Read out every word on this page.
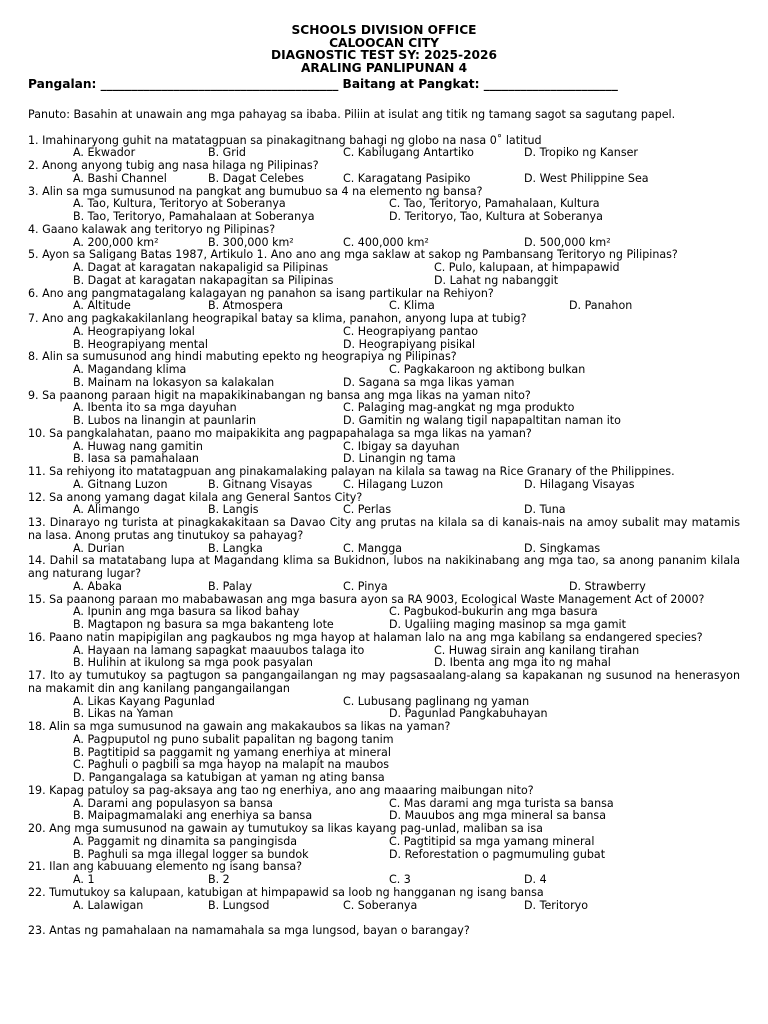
SCHOOLS DIVISION OFFICE
CALOOCAN CITY
DIAGNOSTIC TEST SY: 2025-2026
ARALING PANLIPUNAN 4
Pangalan: _______________________________________ Baitang at Pangkat: ______________________

Panuto: Basahin at unawain ang mga pahayag sa ibaba. Piliin at isulat ang titik ng tamang sagot sa sagutang papel.

1. Imahinaryong guhit na matatagpuan sa pinakagitnang bahagi ng globo na nasa 0˚ latitud

A. Ekwador	B. Grid	C. Kabilugang Antartiko	D. Tropiko ng Kanser

2. Anong anyong tubig ang nasa hilaga ng Pilipinas?

A. Bashi Channel	B. Dagat Celebes	C. Karagatang Pasipiko	D. West Philippine Sea

3. Alin sa mga sumusunod na pangkat ang bumubuo sa 4 na elemento ng bansa?

A. Tao, Kultura, Teritoryo at Soberanya	C. Tao, Teritoryo, Pamahalaan, Kultura
B. Tao, Teritoryo, Pamahalaan at Soberanya	D. Teritoryo, Tao, Kultura at Soberanya

4. Gaano kalawak ang teritoryo ng Pilipinas?

A. 200,000 km²	B. 300,000 km²	C. 400,000 km²	D. 500,000 km²

5. Ayon sa Saligang Batas 1987, Artikulo 1. Ano ano ang mga saklaw at sakop ng Pambansang Teritoryo ng Pilipinas?

A. Dagat at karagatan nakapaligid sa Pilipinas	C. Pulo, kalupaan, at himpapawid
B. Dagat at karagatan nakapagitan sa Pilipinas	D. Lahat ng nabanggit

6. Ano ang pangmatagalang kalagayan ng panahon sa isang partikular na Rehiyon?

A. Altitude	B. Atmospera	C. Klima	D. Panahon

7. Ano ang pagkakakilanlang heograpikal batay sa klima, panahon, anyong lupa at tubig?

A. Heograpiyang lokal	C. Heograpiyang pantao
B. Heograpiyang mental	D. Heograpiyang pisikal

8. Alin sa sumusunod ang hindi mabuting epekto ng heograpiya ng Pilipinas?

A. Magandang klima	C. Pagkakaroon ng aktibong bulkan
B. Mainam na lokasyon sa kalakalan	D. Sagana sa mga likas yaman

9. Sa paanong paraan higit na mapakikinabangan ng bansa ang mga likas na yaman nito?

A. Ibenta ito sa mga dayuhan	C. Palaging mag-angkat ng mga produkto
B. Lubos na linangin at paunlarin	D. Gamitin ng walang tigil napapaltitan naman ito

10. Sa pangkalahatan, paano mo maipakikita ang pagpapahalaga sa mga likas na yaman?

A. Huwag nang gamitin	C. Ibigay sa dayuhan
B. Iasa sa pamahalaan	D. Linangin ng tama

11. Sa rehiyong ito matatagpuan ang pinakamalaking palayan na kilala sa tawag na Rice Granary of the Philippines.

A. Gitnang Luzon	B. Gitnang Visayas	C. Hilagang Luzon	D. Hilagang Visayas

12. Sa anong yamang dagat kilala ang General Santos City?

A. Alimango	B. Langis	C. Perlas	D. Tuna

13. Dinarayo ng turista at pinagkakakitaan sa Davao City ang prutas na kilala sa di kanais-nais na amoy subalit may matamis na lasa. Anong prutas ang tinutukoy sa pahayag?

A. Durian	B. Langka	C. Mangga	D. Singkamas

14. Dahil sa matatabang lupa at Magandang klima sa Bukidnon, lubos na nakikinabang ang mga tao, sa anong pananim kilala ang naturang lugar?

A. Abaka	B. Palay	C. Pinya	D. Strawberry

15. Sa paanong paraan mo mababawasan ang mga basura ayon sa RA 9003, Ecological Waste Management Act of 2000?

A. Ipunin ang mga basura sa likod bahay	C. Pagbukod-bukurin ang mga basura
B. Magtapon ng basura sa mga bakanteng lote	D. Ugaliing maging masinop sa mga gamit

16. Paano natin mapipigilan ang pagkaubos ng mga hayop at halaman lalo na ang mga kabilang sa endangered species?

A. Hayaan na lamang sapagkat maauubos talaga ito	C. Huwag sirain ang kanilang tirahan
B. Hulihin at ikulong sa mga pook pasyalan	D. Ibenta ang mga ito ng mahal

17. Ito ay tumutukoy sa pagtugon sa pangangailangan ng may pagsasaalang-alang sa kapakanan ng susunod na henerasyon na makamit din ang kanilang pangangailangan

A. Likas Kayang Pagunlad	C. Lubusang paglinang ng yaman
B. Likas na Yaman	D. Pagunlad Pangkabuhayan

18. Alin sa mga sumusunod na gawain ang makakaubos sa likas na yaman?

A. Pagpuputol ng puno subalit papalitan ng bagong tanim
B. Pagtitipid sa paggamit ng yamang enerhiya at mineral
C. Paghuli o pagbili sa mga hayop na malapit na maubos
D. Pangangalaga sa katubigan at yaman ng ating bansa

19. Kapag patuloy sa pag-aksaya ang tao ng enerhiya, ano ang maaaring maibungan nito?

A. Darami ang populasyon sa bansa	C. Mas darami ang mga turista sa bansa
B. Maipagmamalaki ang enerhiya sa bansa	D. Mauubos ang mga mineral sa bansa

20. Ang mga sumusunod na gawain ay tumutukoy sa likas kayang pag-unlad, maliban sa isa

A. Paggamit ng dinamita sa pangingisda	C. Pagtitipid sa mga yamang mineral
B. Paghuli sa mga illegal logger sa bundok	D. Reforestation o pagmumuling gubat

21. Ilan ang kabuuang elemento ng isang bansa?

A. 1	B. 2	C. 3	D. 4

22. Tumutukoy sa kalupaan, katubigan at himpapawid sa loob ng hangganan ng isang bansa

A. Lalawigan	B. Lungsod	C. Soberanya	D. Teritoryo

23. Antas ng pamahalaan na namamahala sa mga lungsod, bayan o barangay?
